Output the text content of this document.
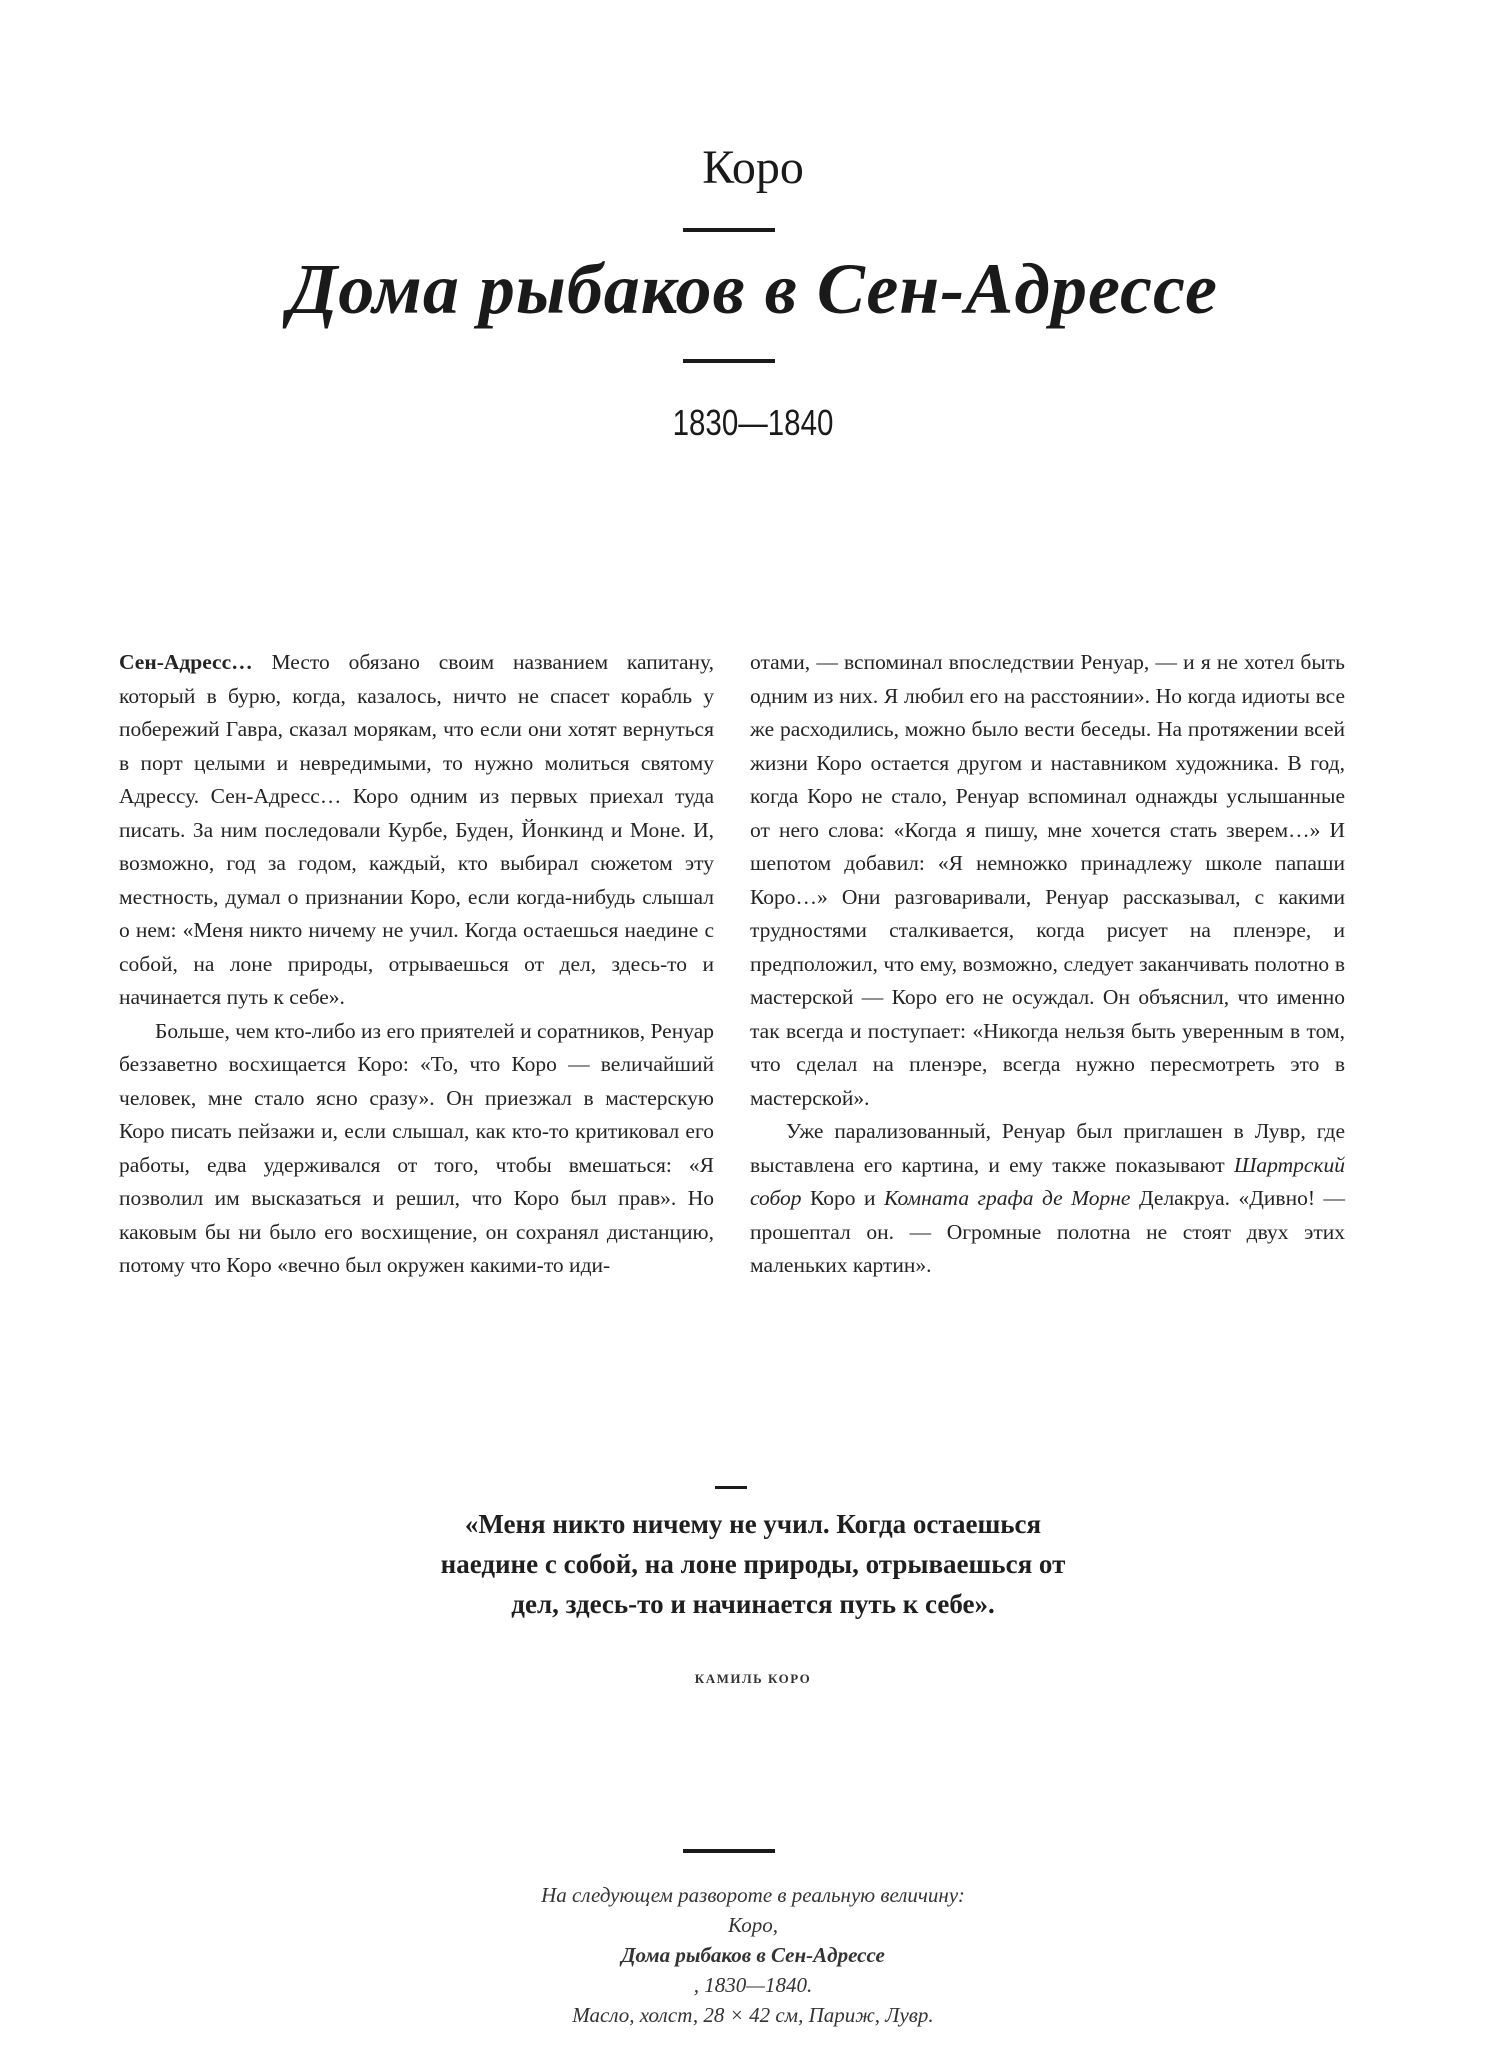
Коро
Дома рыбаков в Сен-Адрессе
1830—1840

Сен-Адресс… Место обязано своим названием капитану, который в бурю, когда, казалось, ничто не спасет корабль у побережий Гавра, сказал морякам, что если они хотят вернуться в порт целыми и невредимыми, то нужно молиться святому Адрессу. Сен-Адресс… Коро одним из первых приехал туда писать. За ним последовали Курбе, Буден, Йонкинд и Моне. И, возможно, год за годом, каждый, кто выбирал сюжетом эту местность, думал о признании Коро, если когда-нибудь слышал о нем: «Меня никто ничему не учил. Когда остаешься наедине с собой, на лоне природы, отрываешься от дел, здесь-то и начинается путь к себе».

Больше, чем кто-либо из его приятелей и соратников, Ренуар беззаветно восхищается Коро: «То, что Коро — величайший человек, мне стало ясно сразу». Он приезжал в мастерскую Коро писать пейзажи и, если слышал, как кто-то критиковал его работы, едва удерживался от того, чтобы вмешаться: «Я позволил им высказаться и решил, что Коро был прав». Но каковым бы ни было его восхищение, он сохранял дистанцию, потому что Коро «вечно был окружен какими-то иди-

отами, — вспоминал впоследствии Ренуар, — и я не хотел быть одним из них. Я любил его на расстоянии». Но когда идиоты все же расходились, можно было вести беседы. На протяжении всей жизни Коро остается другом и наставником художника. В год, когда Коро не стало, Ренуар вспоминал однажды услышанные от него слова: «Когда я пишу, мне хочется стать зверем…» И шепотом добавил: «Я немножко принадлежу школе папаши Коро…» Они разговаривали, Ренуар рассказывал, с какими трудностями сталкивается, когда рисует на пленэре, и предположил, что ему, возможно, следует заканчивать полотно в мастерской — Коро его не осуждал. Он объяснил, что именно так всегда и поступает: «Никогда нельзя быть уверенным в том, что сделал на пленэре, всегда нужно пересмотреть это в мастерской».

Уже парализованный, Ренуар был приглашен в Лувр, где выставлена его картина, и ему также показывают Шартрский собор Коро и Комната графа де Морне Делакруа. «Дивно! — прошептал он. — Огромные полотна не стоят двух этих маленьких картин».

«Меня никто ничему не учил. Когда остаешься наедине с собой, на лоне природы, отрываешься от дел, здесь-то и начинается путь к себе».

КАМИЛЬ КОРО

На следующем развороте в реальную величину:
Коро,
Дома рыбаков в Сен-Адрессе
, 1830—1840.
Масло, холст, 28 × 42 см, Париж, Лувр.
